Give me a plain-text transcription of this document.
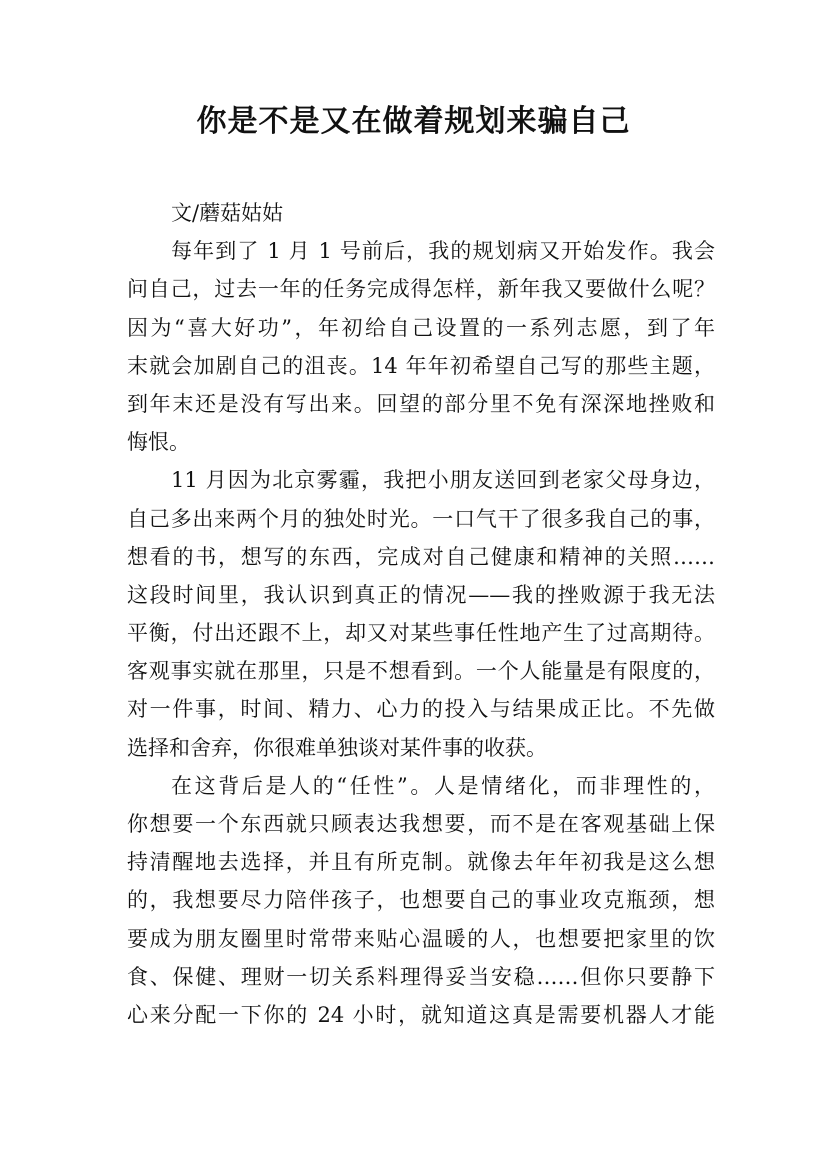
你是不是又在做着规划来骗自己
文/蘑菇姑姑
每年到了 1 月 1 号前后，我的规划病又开始发作。我会
问自己，过去一年的任务完成得怎样，新年我又要做什么呢？
因为“喜大好功”，年初给自己设置的一系列志愿，到了年
末就会加剧自己的沮丧。14 年年初希望自己写的那些主题，
到年末还是没有写出来。回望的部分里不免有深深地挫败和
悔恨。
11 月因为北京雾霾，我把小朋友送回到老家父母身边，
自己多出来两个月的独处时光。一口气干了很多我自己的事，
想看的书，想写的东西，完成对自己健康和精神的关照……
这段时间里，我认识到真正的情况——我的挫败源于我无法
平衡，付出还跟不上，却又对某些事任性地产生了过高期待。
客观事实就在那里，只是不想看到。一个人能量是有限度的，
对一件事，时间、精力、心力的投入与结果成正比。不先做
选择和舍弃，你很难单独谈对某件事的收获。
在这背后是人的“任性”。人是情绪化，而非理性的，
你想要一个东西就只顾表达我想要，而不是在客观基础上保
持清醒地去选择，并且有所克制。就像去年年初我是这么想
的，我想要尽力陪伴孩子，也想要自己的事业攻克瓶颈，想
要成为朋友圈里时常带来贴心温暖的人，也想要把家里的饮
食、保健、理财一切关系料理得妥当安稳……但你只要静下
心来分配一下你的 24 小时，就知道这真是需要机器人才能
